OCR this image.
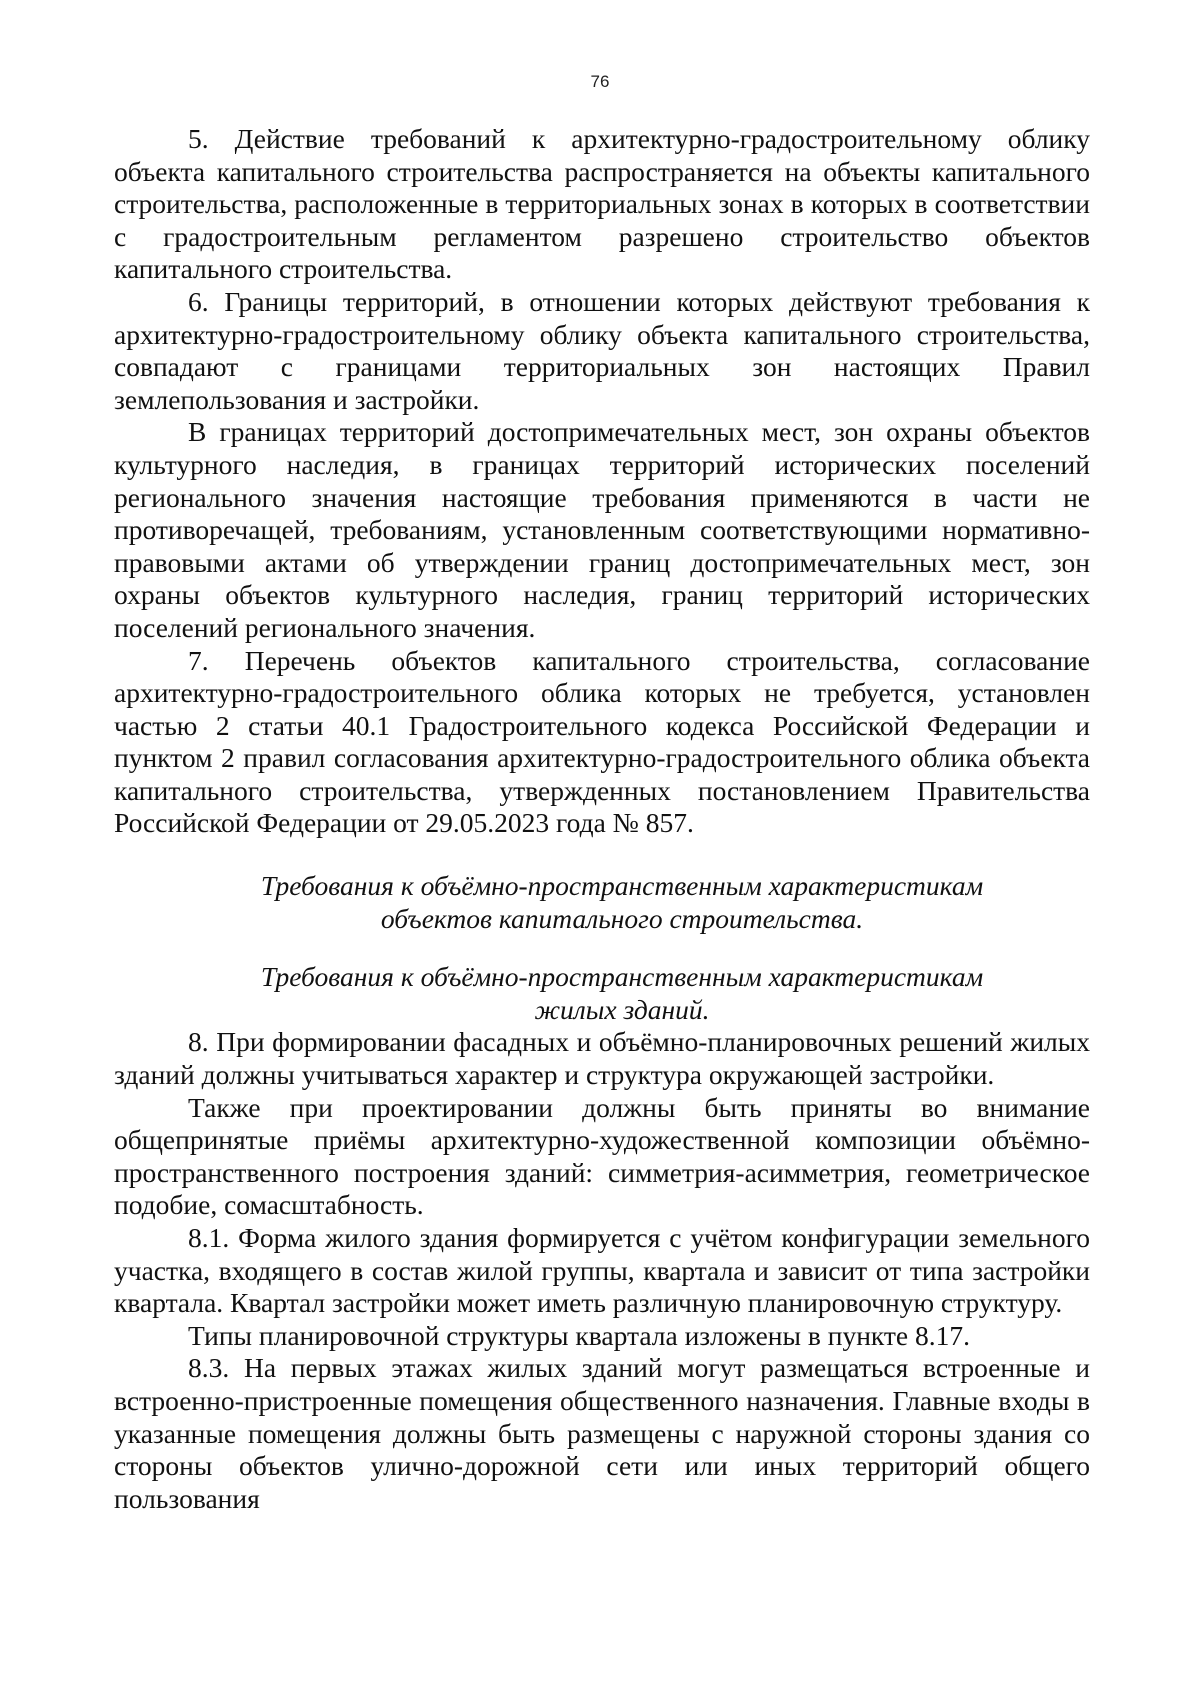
76

5. Действие требований к архитектурно-градостроительному облику объекта капитального строительства распространяется на объекты капитального строительства, расположенные в территориальных зонах в которых в соответствии с градостроительным регламентом разрешено строительство объектов капитального строительства.

6. Границы территорий, в отношении которых действуют требования к архитектурно-градостроительному облику объекта капитального строительства, совпадают с границами территориальных зон настоящих Правил землепользования и застройки.

В границах территорий достопримечательных мест, зон охраны объектов культурного наследия, в границах территорий исторических поселений регионального значения настоящие требования применяются в части не противоречащей, требованиям, установленным соответствующими нормативно-правовыми актами об утверждении границ достопримечательных мест, зон охраны объектов культурного наследия, границ территорий исторических поселений регионального значения.

7. Перечень объектов капитального строительства, согласование архитектурно-градостроительного облика которых не требуется, установлен частью 2 статьи 40.1 Градостроительного кодекса Российской Федерации и пунктом 2 правил согласования архитектурно-градостроительного облика объекта капитального строительства, утвержденных постановлением Правительства Российской Федерации от 29.05.2023 года № 857.

Требования к объёмно-пространственным характеристикам
объектов капитального строительства.
Требования к объёмно-пространственным характеристикам
жилых зданий.

8. При формировании фасадных и объёмно-планировочных решений жилых зданий должны учитываться характер и структура окружающей застройки.

Также при проектировании должны быть приняты во внимание общепринятые приёмы архитектурно-художественной композиции объёмно-пространственного построения зданий: симметрия-асимметрия, геометрическое подобие, сомасштабность.

8.1. Форма жилого здания формируется с учётом конфигурации земельного участка, входящего в состав жилой группы, квартала и зависит от типа застройки квартала. Квартал застройки может иметь различную планировочную структуру.

Типы планировочной структуры квартала изложены в пункте 8.17.

8.3. На первых этажах жилых зданий могут размещаться встроенные и встроенно-пристроенные помещения общественного назначения. Главные входы в указанные помещения должны быть размещены с наружной стороны здания со стороны объектов улично-дорожной сети или иных территорий общего пользования
